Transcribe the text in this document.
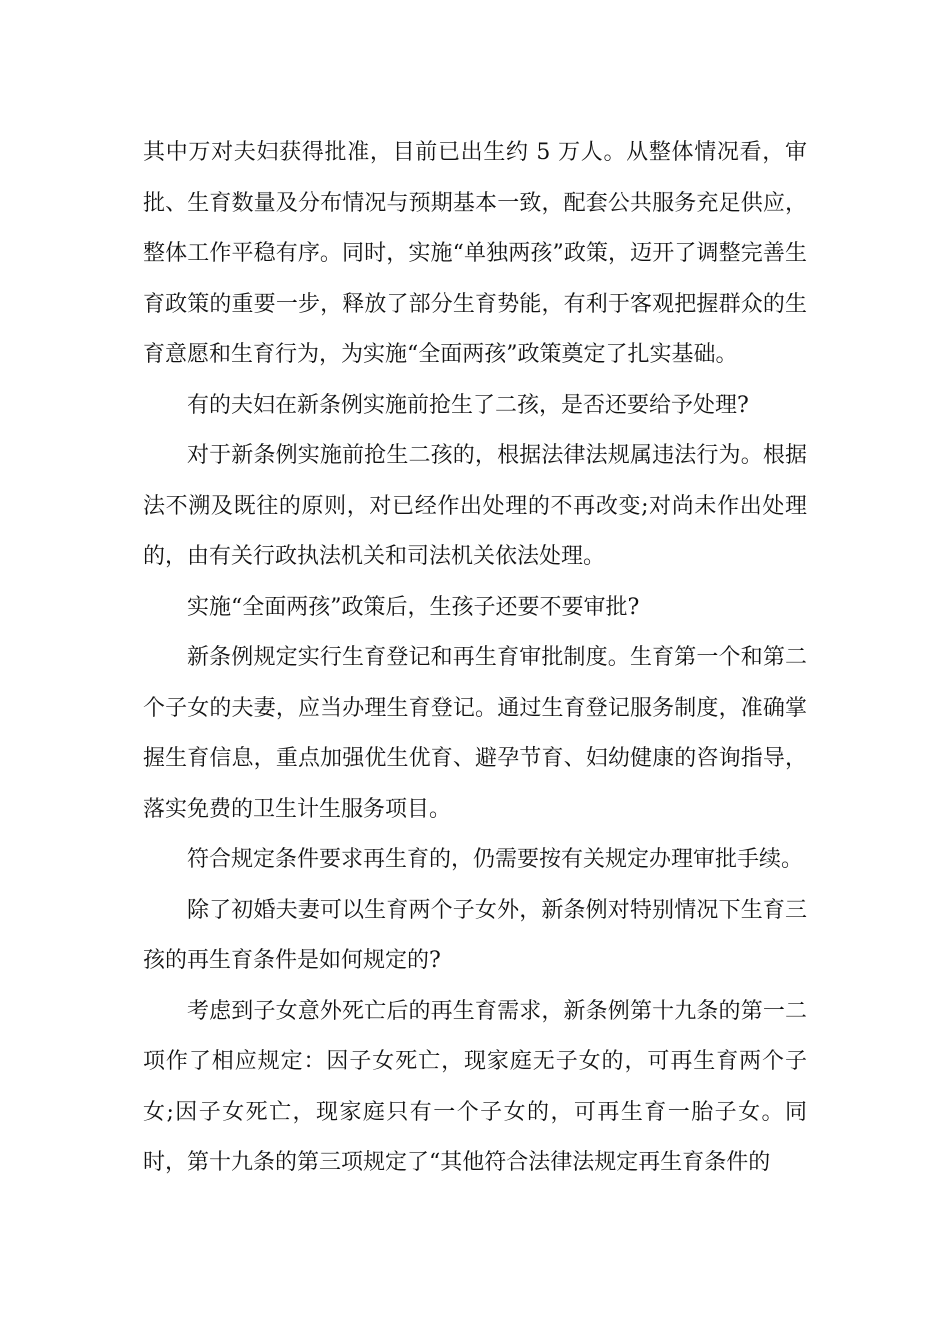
其中万对夫妇获得批准，目前已出生约 5 万人。从整体情况看，审批、生育数量及分布情况与预期基本一致，配套公共服务充足供应，整体工作平稳有序。同时，实施“单独两孩”政策，迈开了调整完善生育政策的重要一步，释放了部分生育势能，有利于客观把握群众的生育意愿和生育行为，为实施“全面两孩”政策奠定了扎实基础。

有的夫妇在新条例实施前抢生了二孩，是否还要给予处理?

对于新条例实施前抢生二孩的，根据法律法规属违法行为。根据法不溯及既往的原则，对已经作出处理的不再改变;对尚未作出处理的，由有关行政执法机关和司法机关依法处理。

实施“全面两孩”政策后，生孩子还要不要审批?

新条例规定实行生育登记和再生育审批制度。生育第一个和第二个子女的夫妻，应当办理生育登记。通过生育登记服务制度，准确掌握生育信息，重点加强优生优育、避孕节育、妇幼健康的咨询指导，落实免费的卫生计生服务项目。

符合规定条件要求再生育的，仍需要按有关规定办理审批手续。

除了初婚夫妻可以生育两个子女外，新条例对特别情况下生育三孩的再生育条件是如何规定的?

考虑到子女意外死亡后的再生育需求，新条例第十九条的第一二项作了相应规定：因子女死亡，现家庭无子女的，可再生育两个子女;因子女死亡，现家庭只有一个子女的，可再生育一胎子女。同时，第十九条的第三项规定了“其他符合法律法规定再生育条件的
